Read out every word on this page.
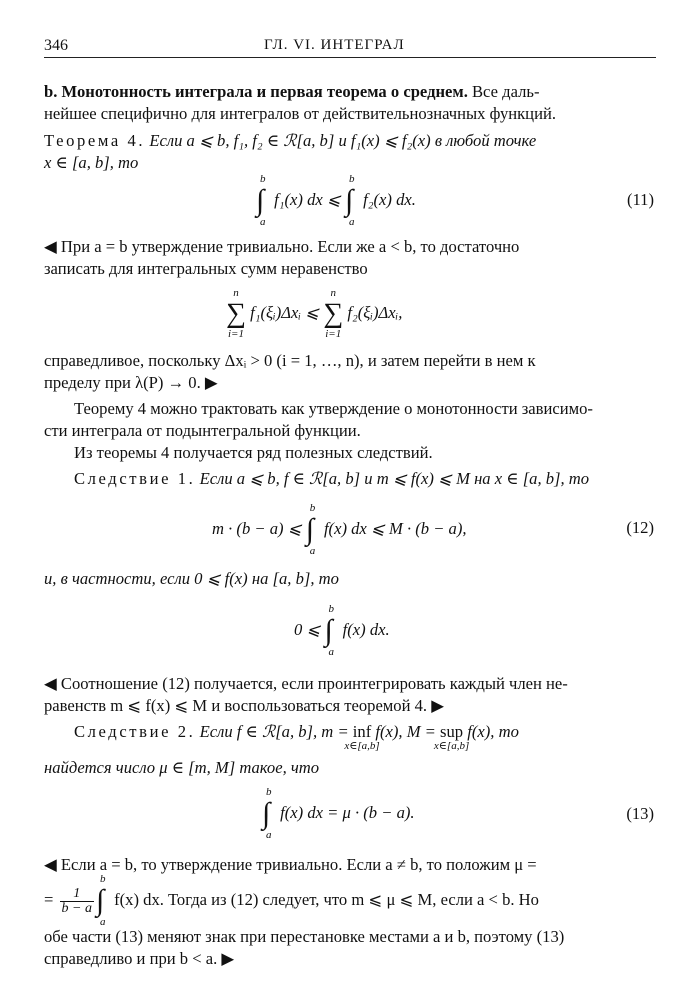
346	ГЛ. VI. ИНТЕГРАЛ
b. Монотонность интеграла и первая теорема о среднем. Все даль-
нейшее специфично для интегралов от действительнозначных функций.
Теорема 4. Если a ⩽ b, f₁, f₂ ∈ ℛ[a, b] и f₁(x) ⩽ f₂(x) в любой точке
x ∈ [a, b], то
∫
b
a
f₁(x) dx ⩽ ∫
b
a
f₂(x) dx.	(11)
◀ При a = b утверждение тривиально. Если же a < b, то достаточно
записать для интегральных сумм неравенство
∑
n
i=1
f₁(ξᵢ)Δxᵢ ⩽ ∑
n
i=1
f₂(ξᵢ)Δxᵢ,
справедливое, поскольку Δxᵢ > 0 (i = 1, …, n), и затем перейти в нем к
пределу при λ(P) → 0. ▶
Теорему 4 можно трактовать как утверждение о монотонности зависимо-
сти интеграла от подынтегральной функции.
Из теоремы 4 получается ряд полезных следствий.
Следствие 1. Если a ⩽ b, f ∈ ℛ[a, b] и m ⩽ f(x) ⩽ M на x ∈ [a, b], то
m · (b − a) ⩽ ∫
b
a
f(x) dx ⩽ M · (b − a),	(12)
и, в частности, если 0 ⩽ f(x) на [a, b], то
0 ⩽ ∫
b
a
f(x) dx.
◀ Соотношение (12) получается, если проинтегрировать каждый член не-
равенств m ⩽ f(x) ⩽ M и воспользоваться теоремой 4. ▶
Следствие 2. Если f ∈ ℛ[a, b], m = inf
x∈[a,b]
f(x), M = sup
x∈[a,b]
f(x), то
найдется число μ ∈ [m, M] такое, что
∫
b
a
f(x) dx = μ · (b − a).	(13)
◀ Если a = b, то утверждение тривиально. Если a ≠ b, то положим μ =
= $\frac{1}{b - a}$ ∫
b
a
f(x) dx. Тогда из (12) следует, что m ⩽ μ ⩽ M, если a < b. Но
обе части (13) меняют знак при перестановке местами a и b, поэтому (13)
справедливо и при b < a. ▶
